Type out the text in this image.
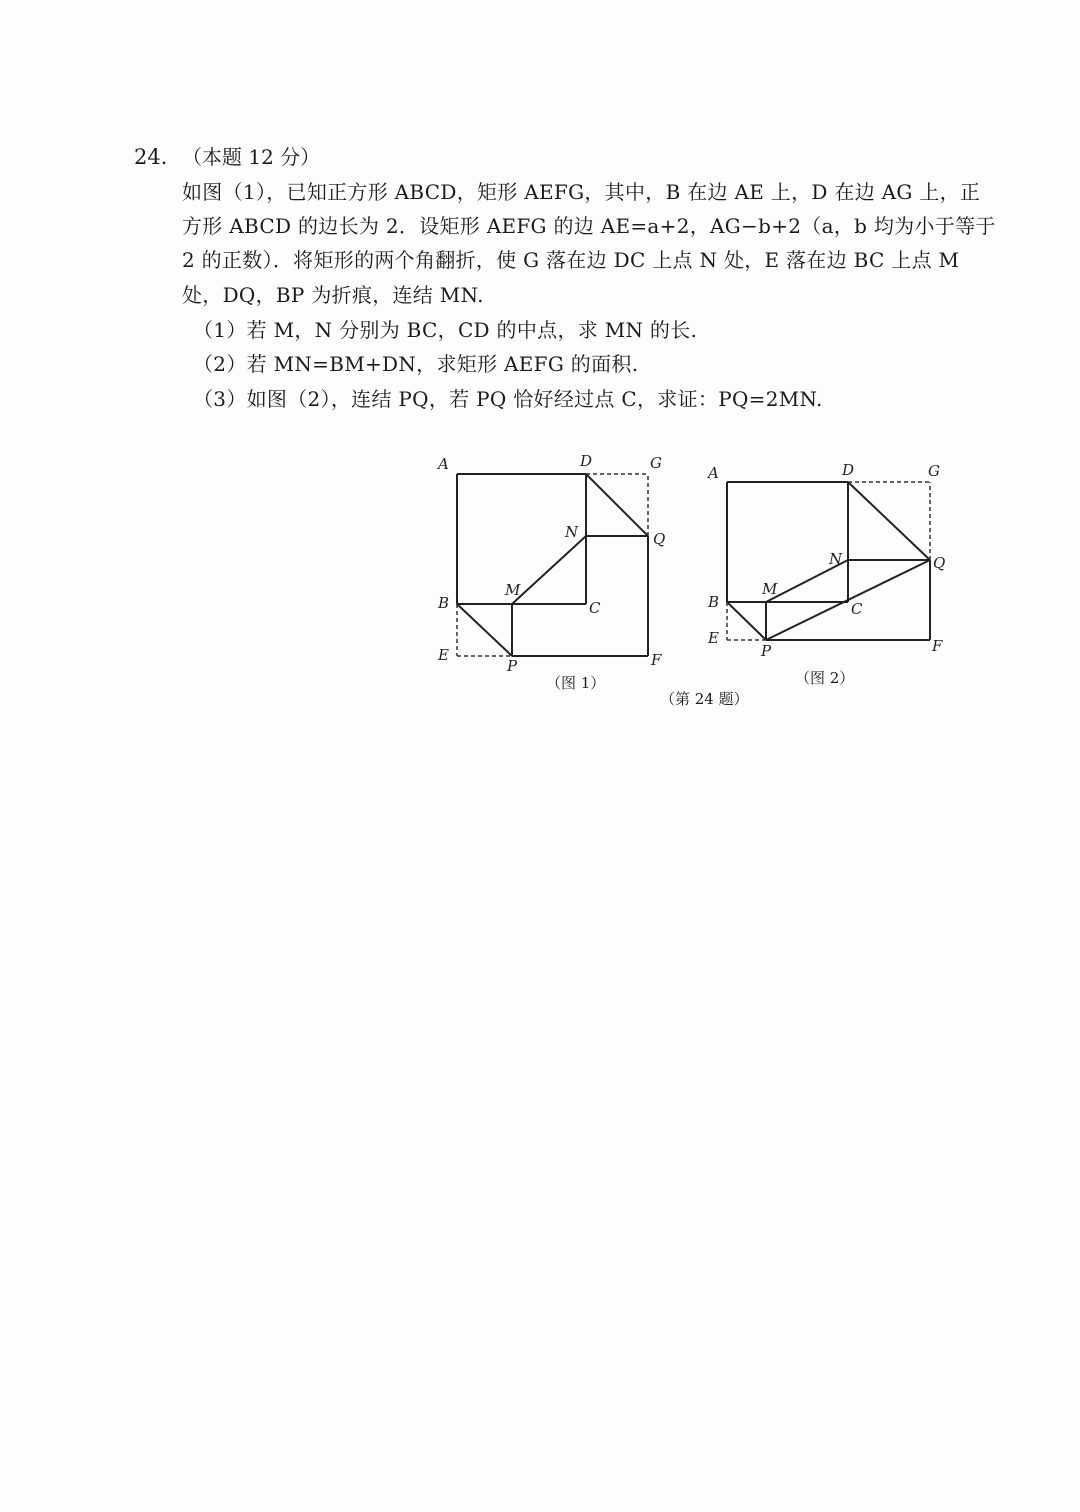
24. （本题 12 分）
如图（1），已知正方形 ABCD，矩形 AEFG，其中，B 在边 AE 上，D 在边 AG 上，正
方形 ABCD 的边长为 2．设矩形 AEFG 的边 AE=a+2，AG−b+2（a，b 均为小于等于
2 的正数）．将矩形的两个角翻折，使 G 落在边 DC 上点 N 处，E 落在边 BC 上点 M
处，DQ，BP 为折痕，连结 MN.
（1）若 M，N 分别为 BC，CD 的中点，求 MN 的长.
（2）若 MN=BM+DN，求矩形 AEFG 的面积.
（3）如图（2），连结 PQ，若 PQ 恰好经过点 C，求证：PQ=2MN.
A	D	G
N	Q
M
B	C
E
P	F
A	D	G
N	Q
M
B	C
E
P	F
（图 1）	（图 2）
（第 24 题）
